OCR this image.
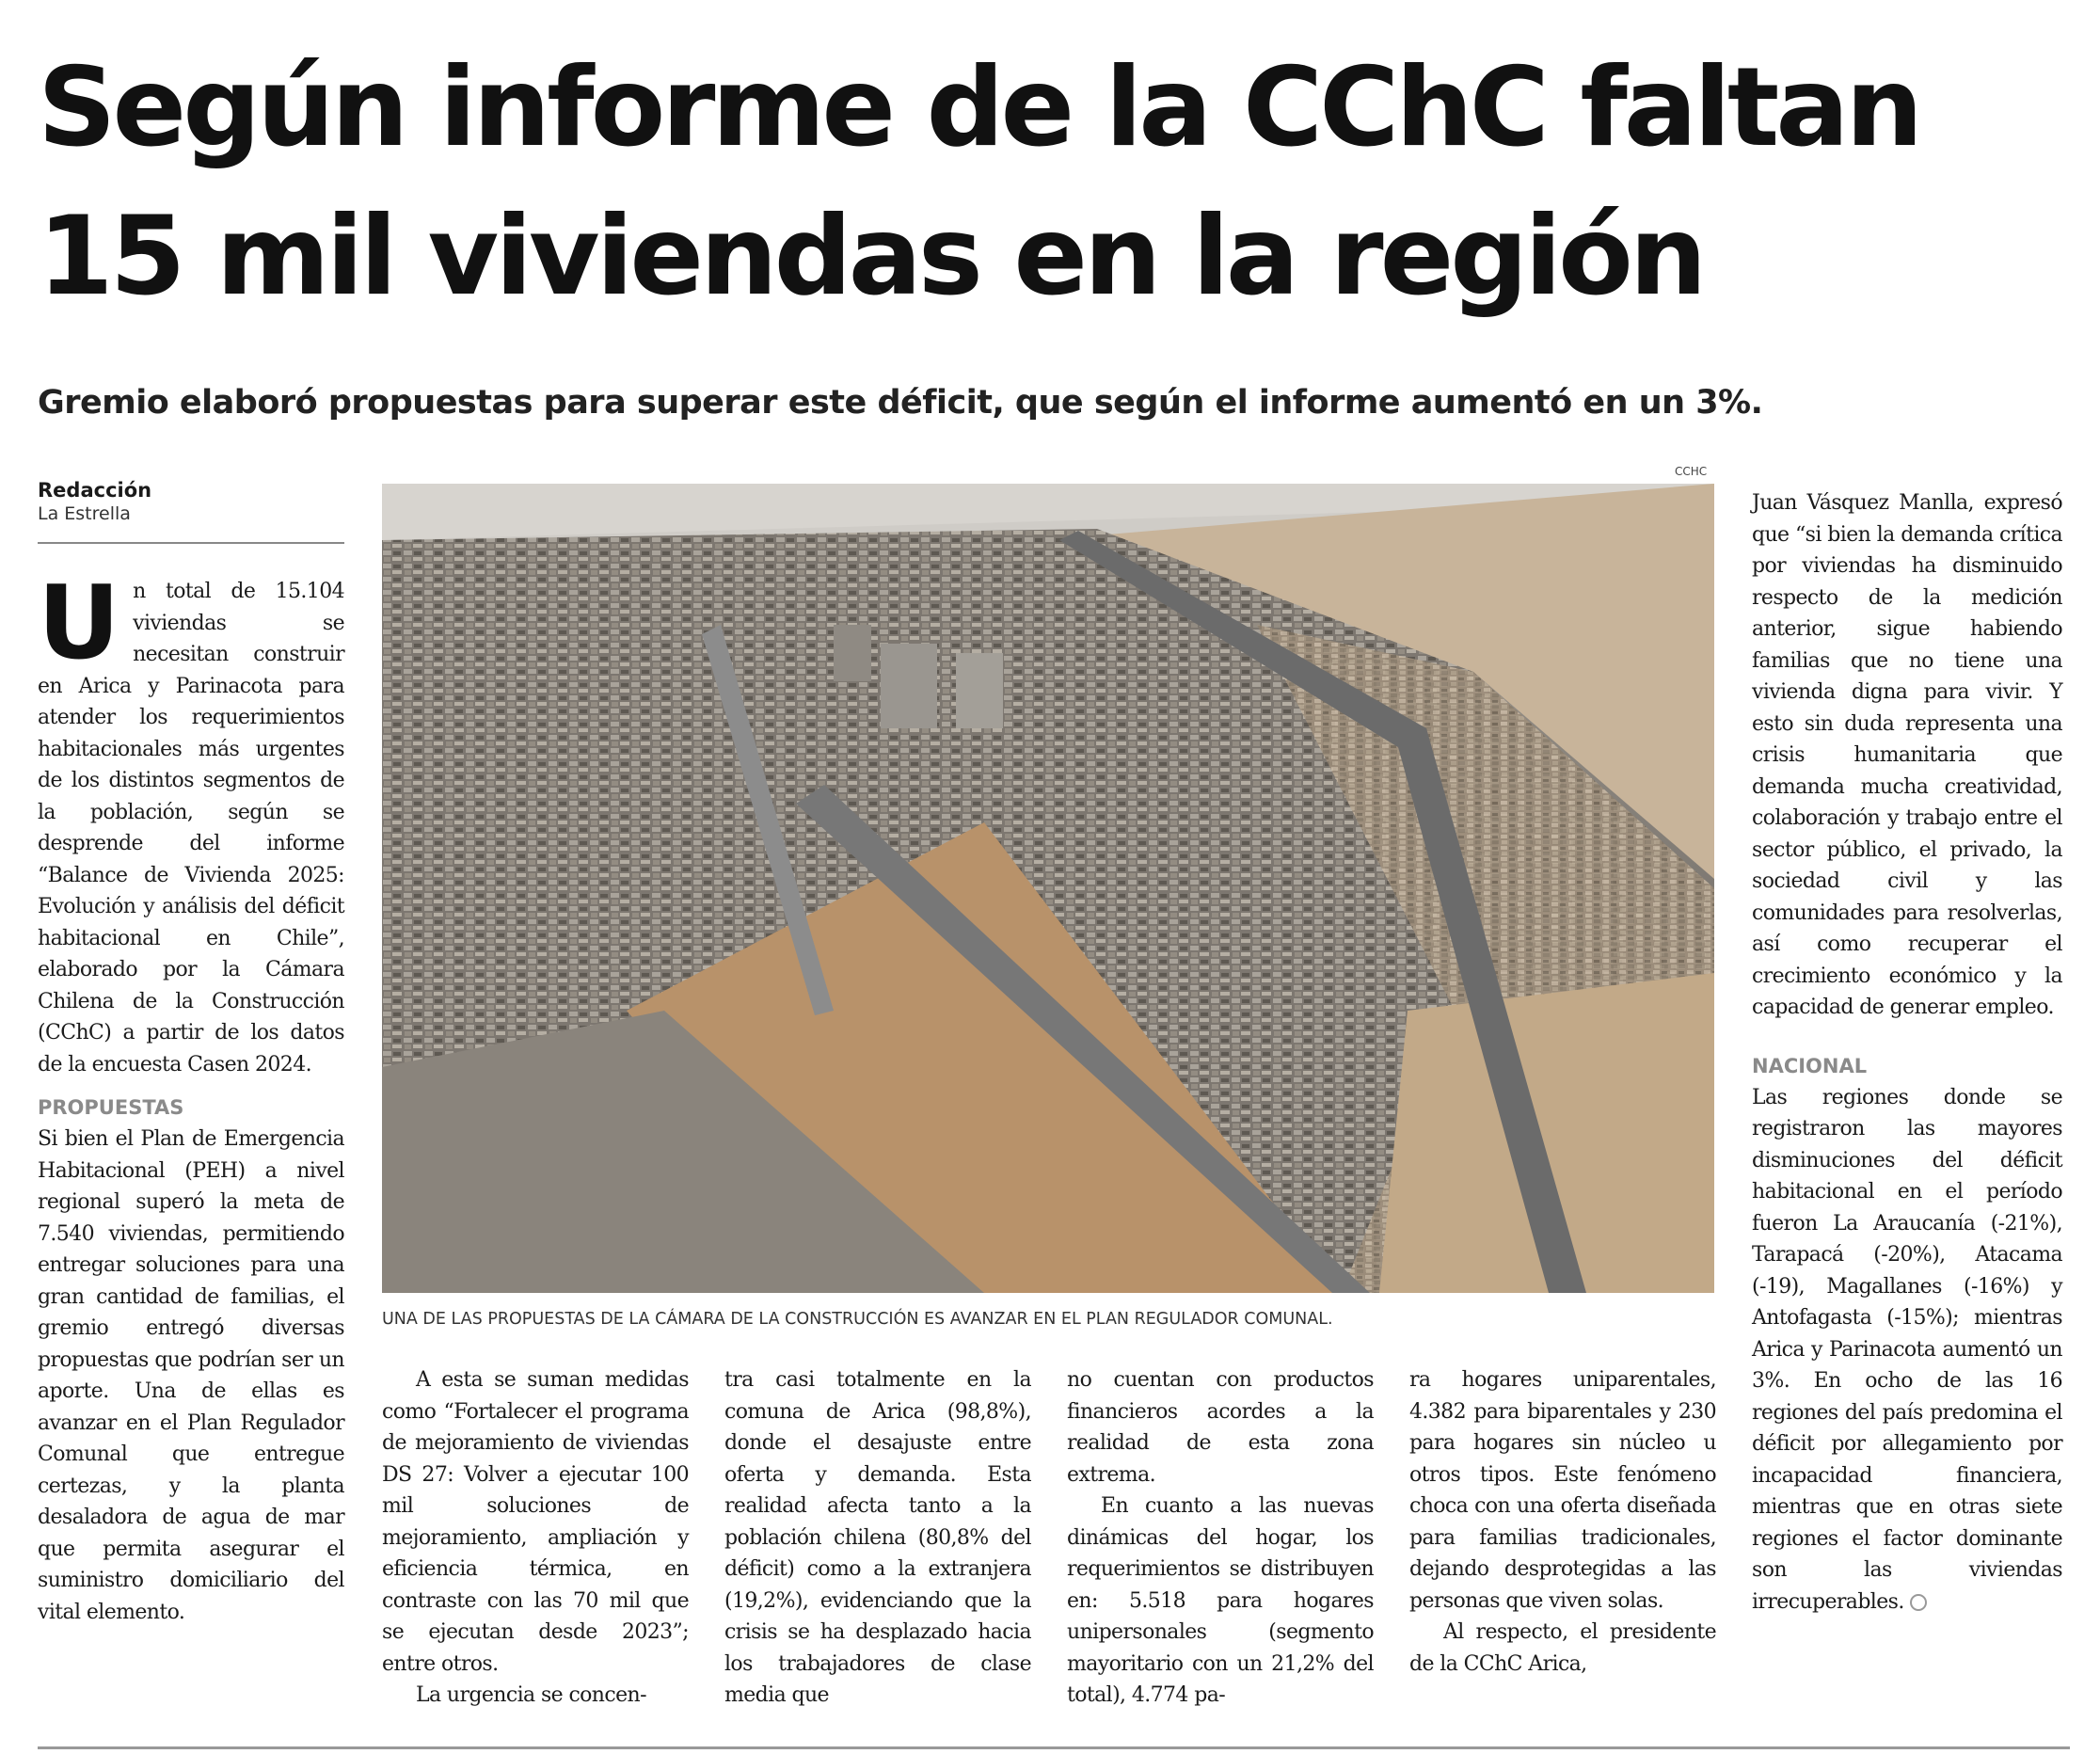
Según informe de la CChC faltan
15 mil viviendas en la región
Gremio elaboró propuestas para superar este déficit, que según el informe aumentó en un 3%.
Redacción
La Estrella

Un total de 15.104 viviendas se necesitan construir en Arica y Parinacota para atender los requerimientos habitacionales más urgentes de los distintos segmentos de la población, según se desprende del informe “Balance de Vivienda 2025: Evolución y análisis del déficit habitacional en Chile”, elaborado por la Cámara Chilena de la Construcción (CChC) a partir de los datos de la encuesta Casen 2024.

PROPUESTAS

Si bien el Plan de Emergencia Habitacional (PEH) a nivel regional superó la meta de 7.540 viviendas, permitiendo entregar soluciones para una gran cantidad de familias, el gremio entregó diversas propuestas que podrían ser un aporte. Una de ellas es avanzar en el Plan Regulador Comunal que entregue certezas, y la planta desaladora de agua de mar que permita asegurar el suministro domiciliario del vital elemento.

CCHC
UNA DE LAS PROPUESTAS DE LA CÁMARA DE LA CONSTRUCCIÓN ES AVANZAR EN EL PLAN REGULADOR COMUNAL.

A esta se suman medidas como “Fortalecer el programa de mejoramiento de viviendas DS 27: Volver a ejecutar 100 mil soluciones de mejoramiento, ampliación y eficiencia térmica, en contraste con las 70 mil que se ejecutan desde 2023”; entre otros.

La urgencia se concen-

tra casi totalmente en la comuna de Arica (98,8%), donde el desajuste entre oferta y demanda. Esta realidad afecta tanto a la población chilena (80,8% del déficit) como a la extranjera (19,2%), evidenciando que la crisis se ha desplazado hacia los trabajadores de clase media que

no cuentan con productos financieros acordes a la realidad de esta zona extrema.

En cuanto a las nuevas dinámicas del hogar, los requerimientos se distribuyen en: 5.518 para hogares unipersonales (segmento mayoritario con un 21,2% del total), 4.774 pa-

ra hogares uniparentales, 4.382 para biparentales y 230 para hogares sin núcleo u otros tipos. Este fenómeno choca con una oferta diseñada para familias tradicionales, dejando desprotegidas a las personas que viven solas.

Al respecto, el presidente de la CChC Arica,

Juan Vásquez Manlla, expresó que “si bien la demanda crítica por viviendas ha disminuido respecto de la medición anterior, sigue habiendo familias que no tiene una vivienda digna para vivir. Y esto sin duda representa una crisis humanitaria que demanda mucha creatividad, colaboración y trabajo entre el sector público, el privado, la sociedad civil y las comunidades para resolverlas, así como recuperar el crecimiento económico y la capacidad de generar empleo.

NACIONAL

Las regiones donde se registraron las mayores disminuciones del déficit habitacional en el período fueron La Araucanía (-21%), Tarapacá (-20%), Atacama (-19), Magallanes (-16%) y Antofagasta (-15%); mientras Arica y Parinacota aumentó un 3%. En ocho de las 16 regiones del país predomina el déficit por allegamiento por incapacidad financiera, mientras que en otras siete regiones el factor dominante son las viviendas irrecuperables.
